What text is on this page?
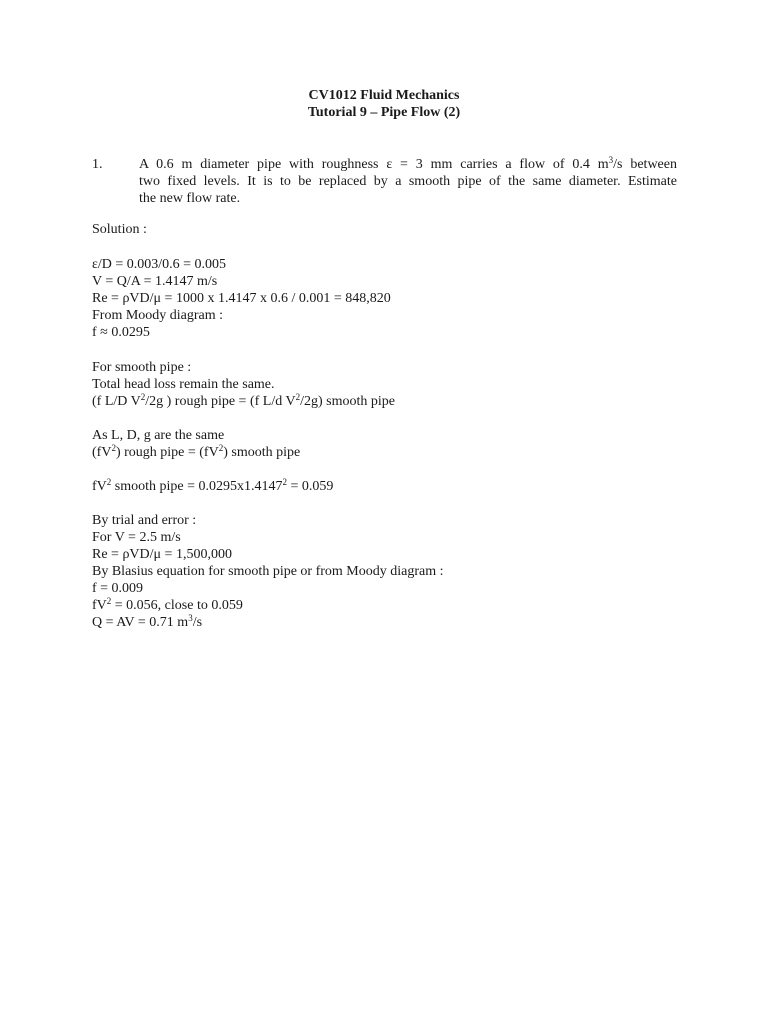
CV1012 Fluid Mechanics
Tutorial 9 – Pipe Flow (2)
1.	A 0.6 m diameter pipe with roughness ε = 3 mm carries a flow of 0.4 $m^3/s$ between
two fixed levels. It is to be replaced by a smooth pipe of the same diameter. Estimate
the new flow rate.
Solution :
ε/D = 0.003/0.6 = 0.005
V = Q/A = 1.4147 m/s
Re = ρVD/μ = 1000 x 1.4147 x 0.6 / 0.001 = 848,820
From Moody diagram :
f ≈ 0.0295
For smooth pipe :
Total head loss remain the same.
(f L/D $V^2/2g$ ) rough pipe = (f L/d $V^2/2g$) smooth pipe
As L, D, g are the same
$(fV^2)$ rough pipe = $(fV^2)$ smooth pipe
$fV^2$ smooth pipe = $0.0295x1.4147^2 = 0.059$
By trial and error :
For V = 2.5 m/s
Re = ρVD/μ = 1,500,000
By Blasius equation for smooth pipe or from Moody diagram :
f = 0.009
$fV^2 = 0.056$, close to 0.059
Q = AV = 0.71 $m^3/s$
